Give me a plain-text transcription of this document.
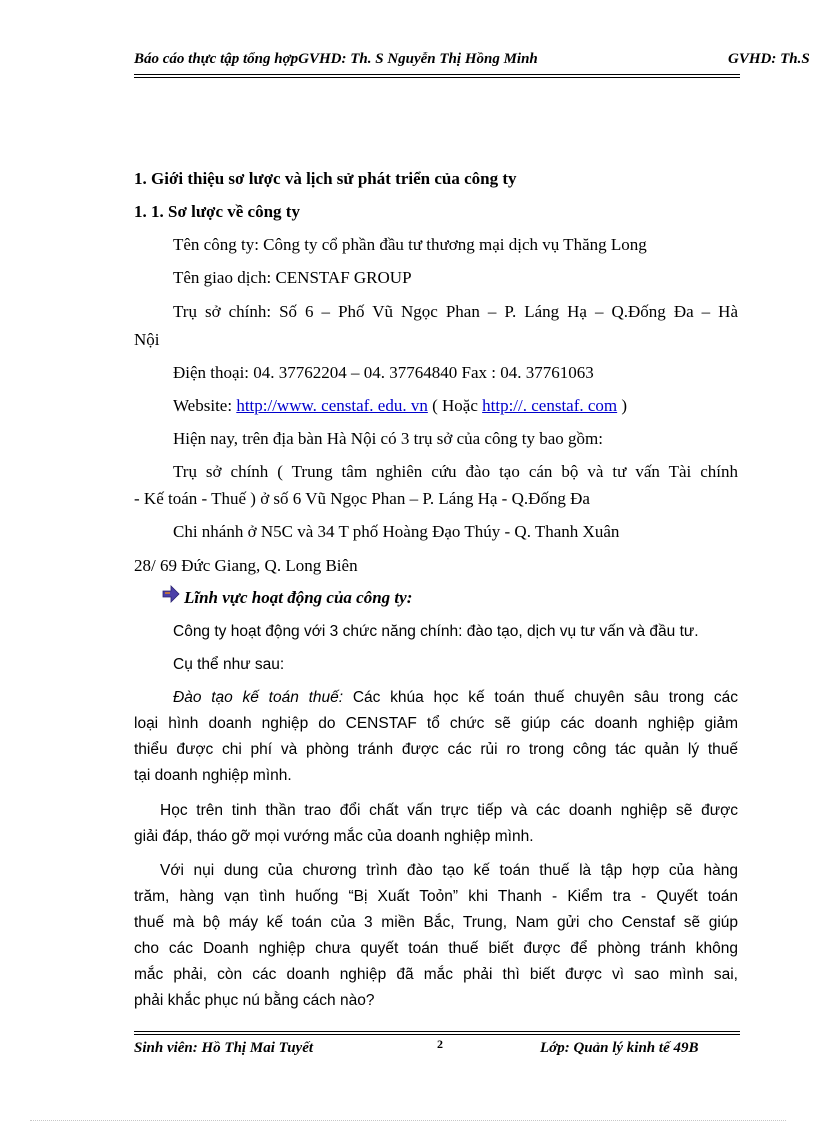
Báo cáo thực tập tổng hợpGVHD: Th. S Nguyễn Thị Hồng Minh	GVHD: Th.S
1. Giới thiệu sơ lược và lịch sử phát triển của công ty
1. 1. Sơ lược về công ty
Tên công ty: Công ty cổ phần đầu tư thương mại dịch vụ Thăng Long
Tên giao dịch: CENSTAF GROUP
Trụ sở chính: Số 6 – Phố Vũ Ngọc Phan – P. Láng Hạ – Q.Đống Đa – Hà
Nội
Điện thoại: 04. 37762204 – 04. 37764840 Fax : 04. 37761063
Website: http://www. censtaf. edu. vn ( Hoặc http://. censtaf. com )
Hiện nay, trên địa bàn Hà Nội có 3 trụ sở của công ty bao gồm:
Trụ sở chính ( Trung tâm nghiên cứu đào tạo cán bộ và tư vấn Tài chính
- Kế toán - Thuế ) ở số 6 Vũ Ngọc Phan – P. Láng Hạ - Q.Đống Đa
Chi nhánh ở N5C và 34 T phố Hoàng Đạo Thúy - Q. Thanh Xuân
28/ 69 Đức Giang, Q. Long Biên
Lĩnh vực hoạt động của công ty:
Công ty hoạt động với 3 chức năng chính: đào tạo, dịch vụ tư vấn và đầu tư.
Cụ thể như sau:
Đào tạo kế toán thuế: Các khúa học kế toán thuế chuyên sâu trong các
loại hình doanh nghiệp do CENSTAF tổ chức sẽ giúp các doanh nghiệp giảm
thiểu được chi phí và phòng tránh được các rủi ro trong công tác quản lý thuế
tại doanh nghiệp mình.
Học trên tinh thần trao đổi chất vấn trực tiếp và các doanh nghiệp sẽ được
giải đáp, tháo gỡ mọi vướng mắc của doanh nghiệp mình.
Với nụi dung của chương trình đào tạo kế toán thuế là tập hợp của hàng
trăm, hàng vạn tình huống “Bị Xuất Toỏn” khi Thanh - Kiểm tra - Quyết toán
thuế mà bộ máy kế toán của 3 miền Bắc, Trung, Nam gửi cho Censtaf sẽ giúp
cho các Doanh nghiệp chưa quyết toán thuế biết được để phòng tránh không
mắc phải, còn các doanh nghiệp đã mắc phải thì biết được vì sao mình sai,
phải khắc phục nú bằng cách nào?
Sinh viên: Hồ Thị Mai Tuyết	2	Lớp: Quản lý kinh tế 49B
